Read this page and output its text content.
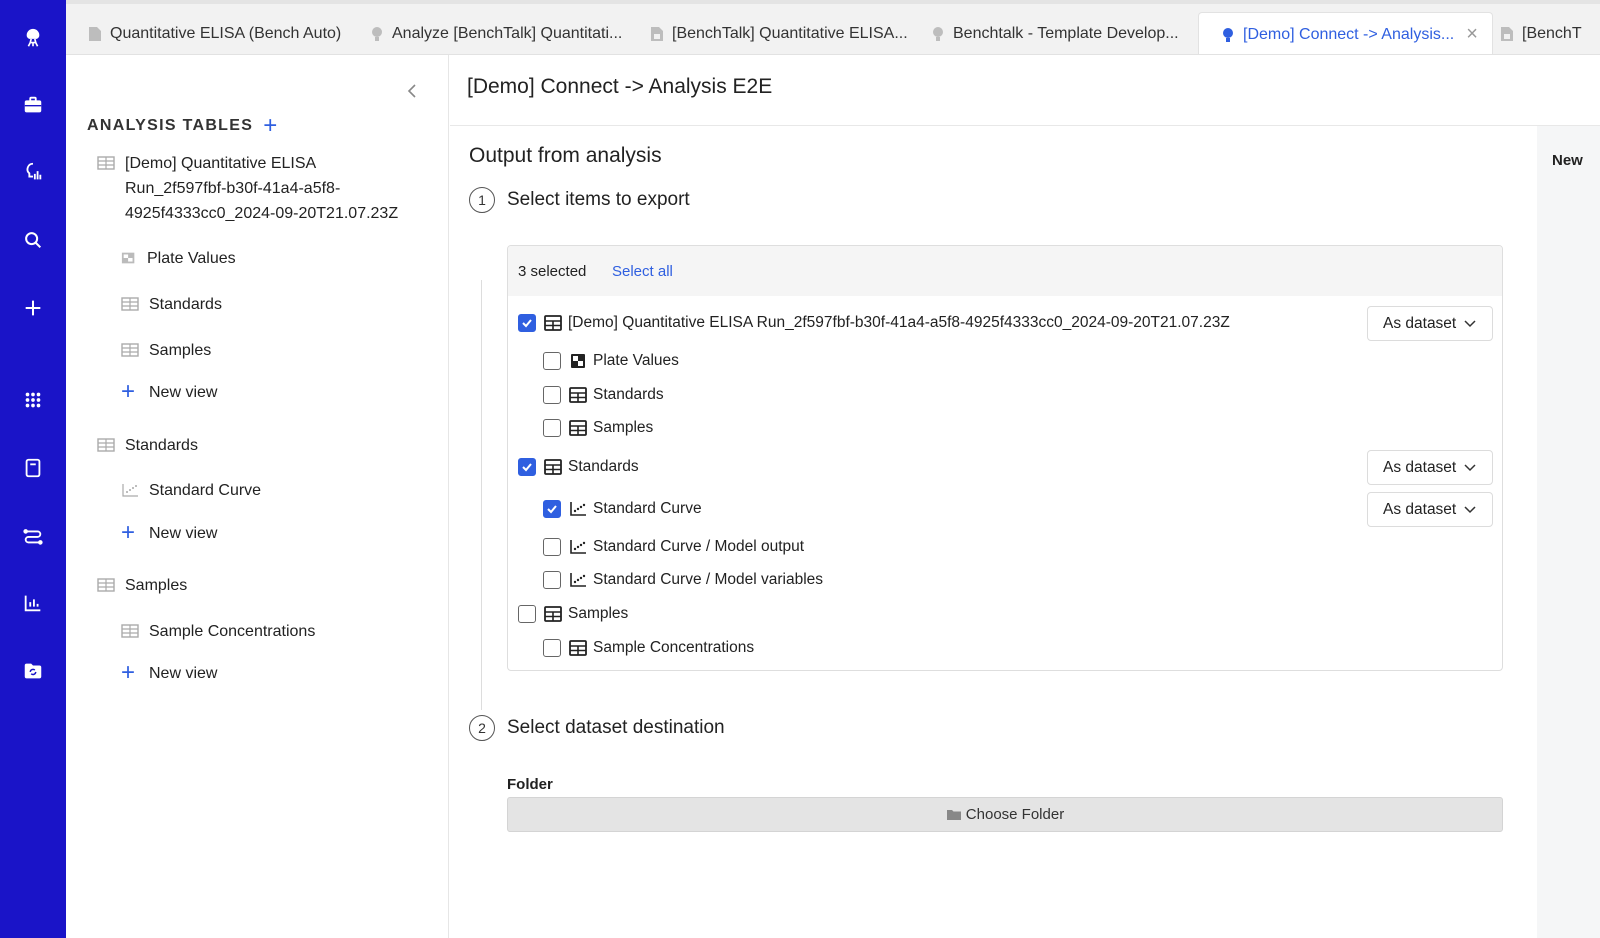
Quantitative ELISA (Bench Auto)	Analyze [BenchTalk] Quantitati...	[BenchTalk] Quantitative ELISA...	Benchtalk - Template Develop...	[Demo] Connect -> Analysis... ×	[BenchT
ANALYSIS TABLES +
[Demo] Quantitative ELISA
Run_2f597fbf-b30f-41a4-a5f8-
4925f4333cc0_2024-09-20T21.07.23Z
Plate Values
Standards
Samples
+ New view
Standards
Standard Curve
+ New view
Samples
Sample Concentrations
+ New view
[Demo] Connect -> Analysis E2E
New
Output from analysis
1	Select items to export
3 selected Select all
[Demo] Quantitative ELISA Run_2f597fbf-b30f-41a4-a5f8-4925f4333cc0_2024-09-20T21.07.23Z	As dataset
Plate Values
Standards
Samples
Standards	As dataset
Standard Curve	As dataset
Standard Curve / Model output
Standard Curve / Model variables
Samples
Sample Concentrations
2	Select dataset destination
Folder
Choose Folder
